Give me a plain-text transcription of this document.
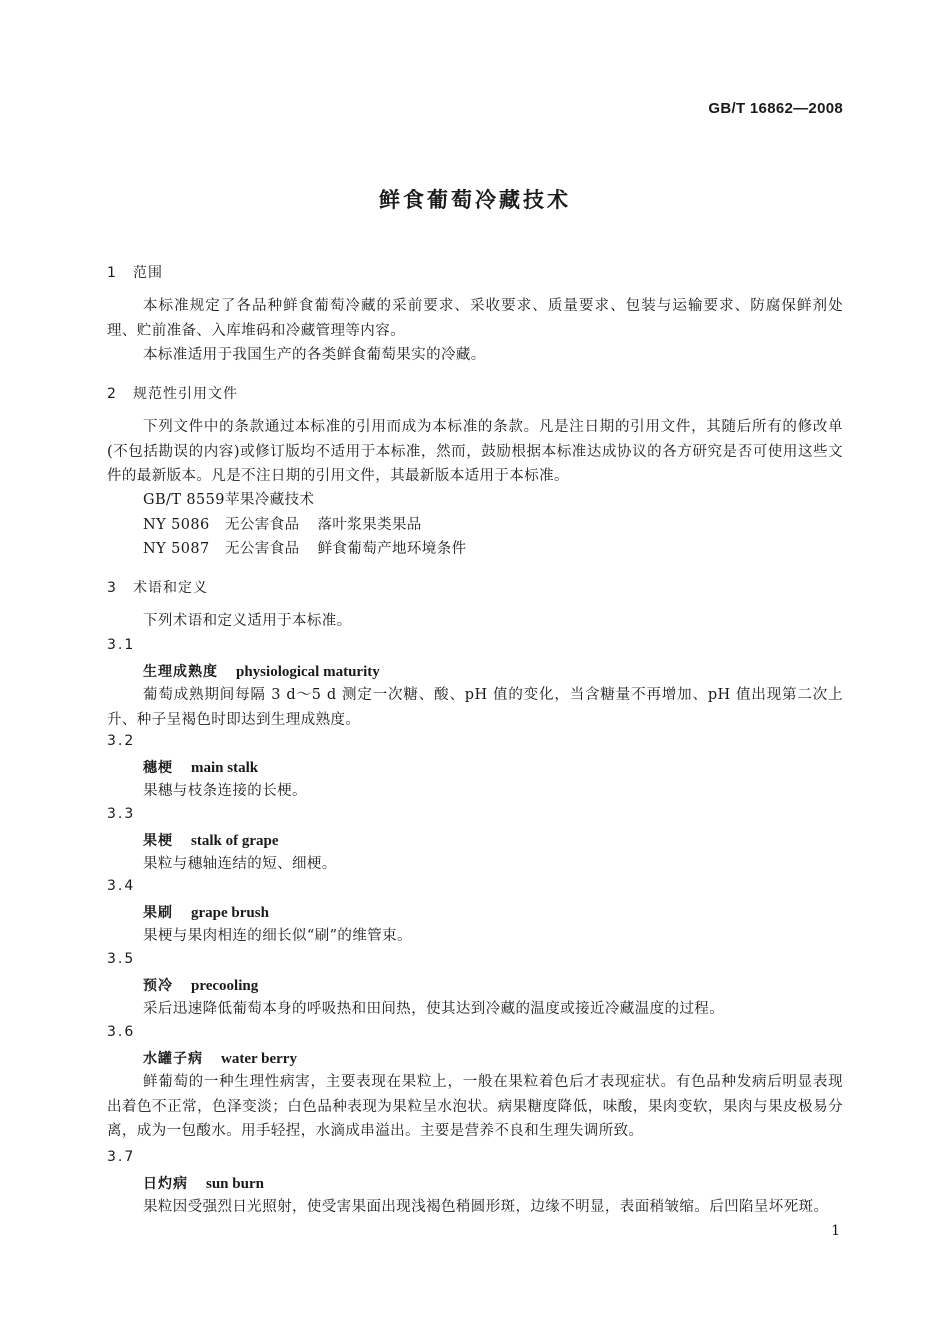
GB/T 16862—2008
鲜食葡萄冷藏技术
1 范围
本标准规定了各品种鲜食葡萄冷藏的采前要求、采收要求、质量要求、包装与运输要求、防腐保鲜剂处理、贮前准备、入库堆码和冷藏管理等内容。
本标准适用于我国生产的各类鲜食葡萄果实的冷藏。
2 规范性引用文件
下列文件中的条款通过本标准的引用而成为本标准的条款。凡是注日期的引用文件，其随后所有的修改单(不包括勘误的内容)或修订版均不适用于本标准，然而，鼓励根据本标准达成协议的各方研究是否可使用这些文件的最新版本。凡是不注日期的引用文件，其最新版本适用于本标准。
GB/T 8559苹果冷藏技术
NY 5086 无公害食品 落叶浆果类果品
NY 5087 无公害食品 鲜食葡萄产地环境条件
3 术语和定义
下列术语和定义适用于本标准。
3.1
生理成熟度 physiological maturity
葡萄成熟期间每隔 3 d～5 d 测定一次糖、酸、pH 值的变化，当含糖量不再增加、pH 值出现第二次上升、种子呈褐色时即达到生理成熟度。
3.2
穗梗 main stalk
果穗与枝条连接的长梗。
3.3
果梗 stalk of grape
果粒与穗轴连结的短、细梗。
3.4
果刷 grape brush
果梗与果肉相连的细长似“刷”的维管束。
3.5
预冷 precooling
采后迅速降低葡萄本身的呼吸热和田间热，使其达到冷藏的温度或接近冷藏温度的过程。
3.6
水罐子病 water berry
鲜葡萄的一种生理性病害，主要表现在果粒上，一般在果粒着色后才表现症状。有色品种发病后明显表现出着色不正常，色泽变淡；白色品种表现为果粒呈水泡状。病果糖度降低，味酸，果肉变软，果肉与果皮极易分离，成为一包酸水。用手轻捏，水滴成串溢出。主要是营养不良和生理失调所致。
3.7
日灼病 sun burn
果粒因受强烈日光照射，使受害果面出现浅褐色稍圆形斑，边缘不明显，表面稍皱缩。后凹陷呈坏死斑。
1
